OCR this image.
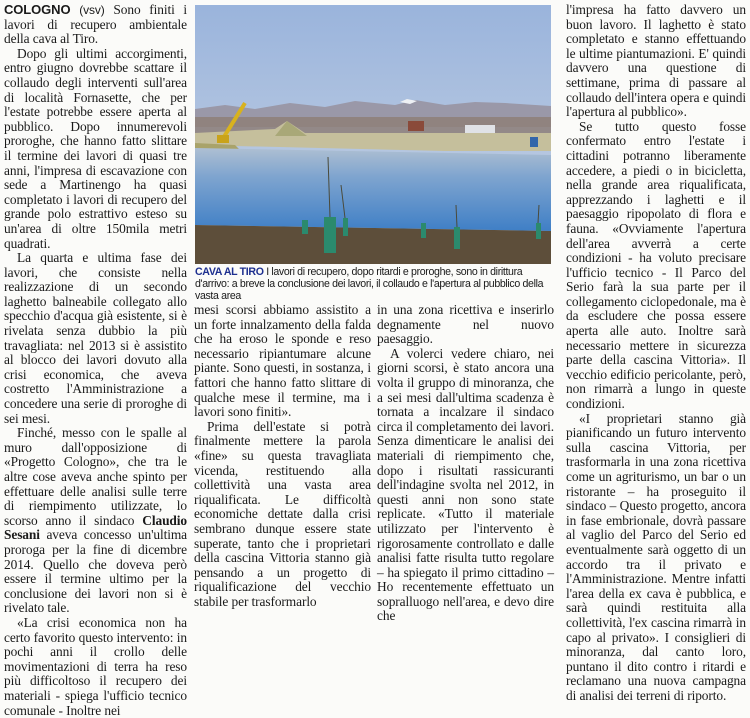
COLOGNO (vsv) Sono finiti i lavori di recupero ambientale della cava al Tiro.

Dopo gli ultimi accorgimenti, entro giugno dovrebbe scattare il collaudo degli interventi sull'area di località Fornasette, che per l'estate potrebbe essere aperta al pubblico. Dopo innumerevoli proroghe, che hanno fatto slittare il termine dei lavori di quasi tre anni, l'impresa di escavazione con sede a Martinengo ha quasi completato i lavori di recupero del grande polo estrattivo esteso su un'area di oltre 150mila metri quadrati.

La quarta e ultima fase dei lavori, che consiste nella realizzazione di un secondo laghetto balneabile collegato allo specchio d'acqua già esistente, si è rivelata senza dubbio la più travagliata: nel 2013 si è assistito al blocco dei lavori dovuto alla crisi economica, che aveva costretto l'Amministrazione a concedere una serie di proroghe di sei mesi.

Finché, messo con le spalle al muro dall'opposizione di «Progetto Cologno», che tra le altre cose aveva anche spinto per effettuare delle analisi sulle terre di riempimento utilizzate, lo scorso anno il sindaco Claudio Sesani aveva concesso un'ultima proroga per la fine di dicembre 2014. Quello che doveva però essere il termine ultimo per la conclusione dei lavori non si è rivelato tale.

«La crisi economica non ha certo favorito questo intervento: in pochi anni il crollo delle movimentazioni di terra ha reso più difficoltoso il recupero dei materiali - spiega l'ufficio tecnico comunale - Inoltre nei

CAVA AL TIRO I lavori di recupero, dopo ritardi e proroghe, sono in dirittura d'arrivo: a breve la conclusione dei lavori, il collaudo e l'apertura al pubblico della vasta area

mesi scorsi abbiamo assistito a un forte innalzamento della falda che ha eroso le sponde e reso necessario ripiantumare alcune piante. Sono questi, in sostanza, i fattori che hanno fatto slittare di qualche mese il termine, ma i lavori sono finiti».

Prima dell'estate si potrà finalmente mettere la parola «fine» su questa travagliata vicenda, restituendo alla collettività una vasta area riqualificata. Le difficoltà economiche dettate dalla crisi sembrano dunque essere state superate, tanto che i proprietari della cascina Vittoria stanno già pensando a un progetto di riqualificazione del vecchio stabile per trasformarlo

in una zona ricettiva e inserirlo degnamente nel nuovo paesaggio.

A volerci vedere chiaro, nei giorni scorsi, è stato ancora una volta il gruppo di minoranza, che a sei mesi dall'ultima scadenza è tornata a incalzare il sindaco circa il completamento dei lavori. Senza dimenticare le analisi dei materiali di riempimento che, dopo i risultati rassicuranti dell'indagine svolta nel 2012, in questi anni non sono state replicate. «Tutto il materiale utilizzato per l'intervento è rigorosamente controllato e dalle analisi fatte risulta tutto regolare – ha spiegato il primo cittadino – Ho recentemente effettuato un sopralluogo nell'area, e devo dire che

l'impresa ha fatto davvero un buon lavoro. Il laghetto è stato completato e stanno effettuando le ultime piantumazioni. E' quindi davvero una questione di settimane, prima di passare al collaudo dell'intera opera e quindi l'apertura al pubblico».

Se tutto questo fosse confermato entro l'estate i cittadini potranno liberamente accedere, a piedi o in bicicletta, nella grande area riqualificata, apprezzando i laghetti e il paesaggio ripopolato di flora e fauna. «Ovviamente l'apertura dell'area avverrà a certe condizioni - ha voluto precisare l'ufficio tecnico - Il Parco del Serio farà la sua parte per il collegamento ciclopedonale, ma è da escludere che possa essere aperta alle auto. Inoltre sarà necessario mettere in sicurezza parte della cascina Vittoria». Il vecchio edificio pericolante, però, non rimarrà a lungo in queste condizioni.

«I proprietari stanno già pianificando un futuro intervento sulla cascina Vittoria, per trasformarla in una zona ricettiva come un agriturismo, un bar o un ristorante – ha proseguito il sindaco – Questo progetto, ancora in fase embrionale, dovrà passare al vaglio del Parco del Serio ed eventualmente sarà oggetto di un accordo tra il privato e l'Amministrazione. Mentre infatti l'area della ex cava è pubblica, e sarà quindi restituita alla collettività, l'ex cascina rimarrà in capo al privato». I consiglieri di minoranza, dal canto loro, puntano il dito contro i ritardi e reclamano una nuova campagna di analisi dei terreni di riporto.
